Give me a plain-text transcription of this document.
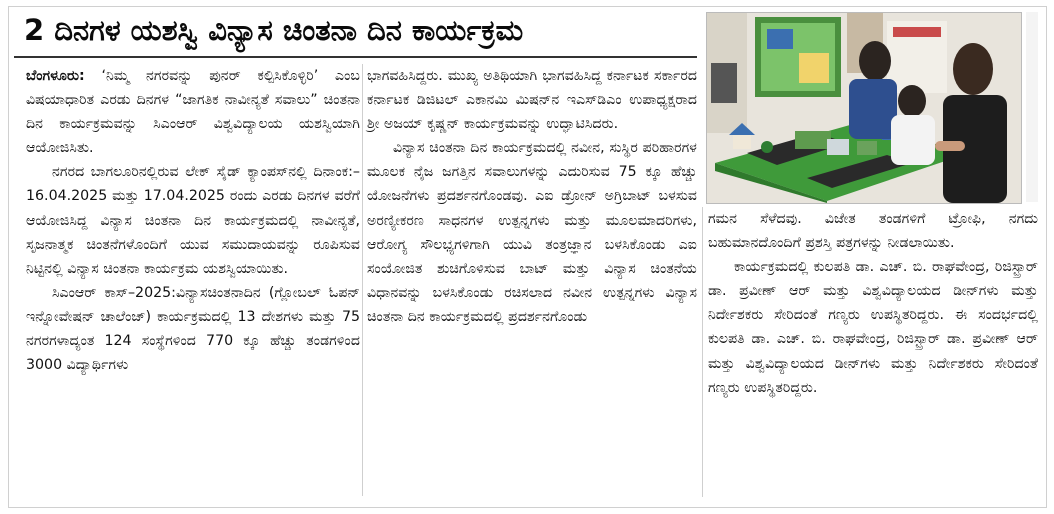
2 ದಿನಗಳ ಯಶಸ್ವಿ ವಿನ್ಯಾಸ ಚಿಂತನಾ ದಿನ ಕಾರ್ಯಕ್ರಮ

ಬೆಂಗಳೂರು: ‘ನಿಮ್ಮ ನಗರವನ್ನು ಪುನರ್ ಕಲ್ಪಿಸಿಕೊಳ್ಳಿರಿ’ ಎಂಬ ವಿಷಯಾಧಾರಿತ ಎರಡು ದಿನಗಳ “ಜಾಗತಿಕ ನಾವೀನ್ಯತೆ ಸವಾಲು” ಚಿಂತನಾ ದಿನ ಕಾರ್ಯಕ್ರಮವನ್ನು ಸಿಎಂಆರ್ ವಿಶ್ವವಿದ್ಯಾಲಯ ಯಶಸ್ವಿಯಾಗಿ ಆಯೋಜಿಸಿತು.

ನಗರದ ಬಾಗಲೂರಿನಲ್ಲಿರುವ ಲೇಕ್ ಸೈಡ್ ಕ್ಯಾಂಪಸ್‌ನಲ್ಲಿ ದಿನಾಂಕ:–16.04.2025 ಮತ್ತು 17.04.2025 ರಂದು ಎರಡು ದಿನಗಳ ವರೆಗೆ ಆಯೋಜಿಸಿದ್ದ ವಿನ್ಯಾಸ ಚಿಂತನಾ ದಿನ ಕಾರ್ಯಕ್ರಮದಲ್ಲಿ ನಾವೀನ್ಯತೆ, ಸೃಜನಾತ್ಮಕ ಚಿಂತನೆಗಳೊಂದಿಗೆ ಯುವ ಸಮುದಾಯವನ್ನು ರೂಪಿಸುವ ನಿಟ್ಟಿನಲ್ಲಿ ವಿನ್ಯಾಸ ಚಿಂತನಾ ಕಾರ್ಯಕ್ರಮ ಯಶಸ್ವಿಯಾಯಿತು.

ಸಿಎಂಆರ್ ಕಾಸ್–2025:ವಿನ್ಯಾಸಚಿಂತನಾದಿನ (ಗ್ಲೋಬಲ್ ಓಪನ್ ಇನ್ನೋವೇಷನ್ ಚಾಲೆಂಜ್) ಕಾರ್ಯಕ್ರಮದಲ್ಲಿ 13 ದೇಶಗಳು ಮತ್ತು 75 ನಗರಗಳಾದ್ಯಂತ 124 ಸಂಸ್ಥೆಗಳಿಂದ 770 ಕ್ಕೂ ಹೆಚ್ಚು ತಂಡಗಳಿಂದ 3000 ವಿದ್ಯಾರ್ಥಿಗಳು

ಭಾಗವಹಿಸಿದ್ದರು. ಮುಖ್ಯ ಅತಿಥಿಯಾಗಿ ಭಾಗವಹಿಸಿದ್ದ ಕರ್ನಾಟಕ ಸರ್ಕಾರದ ಕರ್ನಾಟಕ ಡಿಜಿಟಲ್ ಎಕಾನಮಿ ಮಿಷನ್‌ನ ಇಎಸ್‌ಡಿಎಂ ಉಪಾಧ್ಯಕ್ಷರಾದ ಶ್ರೀ ಅಜಯ್ ಕೃಷ್ಣನ್ ಕಾರ್ಯಕ್ರಮವನ್ನು ಉದ್ಘಾಟಿಸಿದರು.

ವಿನ್ಯಾಸ ಚಿಂತನಾ ದಿನ ಕಾರ್ಯಕ್ರಮದಲ್ಲಿ ನವೀನ, ಸುಸ್ಥಿರ ಪರಿಹಾರಗಳ ಮೂಲಕ ನೈಜ ಜಗತ್ತಿನ ಸವಾಲುಗಳನ್ನು ಎದುರಿಸುವ 75 ಕ್ಕೂ ಹೆಚ್ಚು ಯೋಜನೆಗಳು ಪ್ರದರ್ಶನಗೊಂಡವು. ಎಐ ಡ್ರೋನ್ ಅಗ್ರಿಬಾಟ್ ಬಳಸುವ ಅರಣ್ಯೀಕರಣ ಸಾಧನಗಳ ಉತ್ಪನ್ನಗಳು ಮತ್ತು ಮೂಲಮಾದರಿಗಳು, ಆರೋಗ್ಯ ಸೌಲಭ್ಯಗಳಿಗಾಗಿ ಯುವಿ ತಂತ್ರಜ್ಞಾನ ಬಳಸಿಕೊಂಡು ಎಐ ಸಂಯೋಜಿತ ಶುಚಿಗೊಳಿಸುವ ಬಾಟ್ ಮತ್ತು ವಿನ್ಯಾಸ ಚಿಂತನೆಯ ವಿಧಾನವನ್ನು ಬಳಸಿಕೊಂಡು ರಚಿಸಲಾದ ನವೀನ ಉತ್ಪನ್ನಗಳು ವಿನ್ಯಾಸ ಚಿಂತನಾ ದಿನ ಕಾರ್ಯಕ್ರಮದಲ್ಲಿ ಪ್ರದರ್ಶನಗೊಂಡು

ಗಮನ ಸೆಳೆದವು. ವಿಜೇತ ತಂಡಗಳಿಗೆ ಟ್ರೋಫಿ, ನಗದು ಬಹುಮಾನದೊಂದಿಗೆ ಪ್ರಶಸ್ತಿ ಪತ್ರಗಳನ್ನು ನೀಡಲಾಯಿತು.

ಕಾರ್ಯಕ್ರಮದಲ್ಲಿ ಕುಲಪತಿ ಡಾ. ಎಚ್. ಬಿ. ರಾಘವೇಂದ್ರ, ರಿಜಿಸ್ಟ್ರಾರ್ ಡಾ. ಪ್ರವೀಣ್ ಆರ್ ಮತ್ತು ವಿಶ್ವವಿದ್ಯಾಲಯದ ಡೀನ್‌ಗಳು ಮತ್ತು ನಿರ್ದೇಶಕರು ಸೇರಿದಂತೆ ಗಣ್ಯರು ಉಪಸ್ಥಿತರಿದ್ದರು. ಈ ಸಂದರ್ಭದಲ್ಲಿ ಕುಲಪತಿ ಡಾ. ಎಚ್. ಬಿ. ರಾಘವೇಂದ್ರ, ರಿಜಿಸ್ಟ್ರಾರ್ ಡಾ. ಪ್ರವೀಣ್ ಆರ್ ಮತ್ತು ವಿಶ್ವವಿದ್ಯಾಲಯದ ಡೀನ್‌ಗಳು ಮತ್ತು ನಿರ್ದೇಶಕರು ಸೇರಿದಂತೆ ಗಣ್ಯರು ಉಪಸ್ಥಿತರಿದ್ದರು.
